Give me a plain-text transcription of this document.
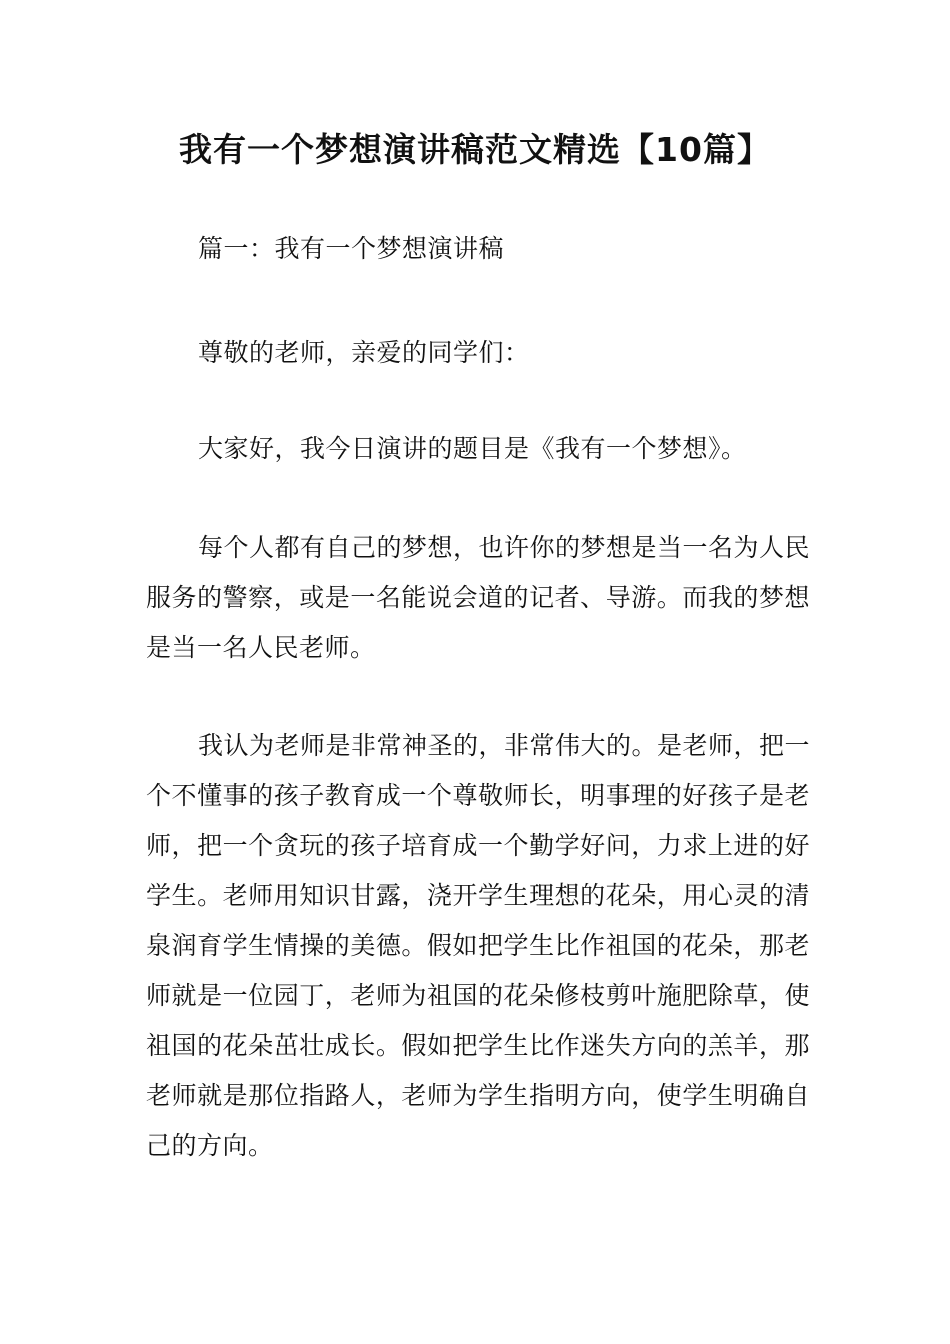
我有一个梦想演讲稿范文精选【10篇】

篇一：我有一个梦想演讲稿

尊敬的老师，亲爱的同学们：

大家好，我今日演讲的题目是《我有一个梦想》。

每个人都有自己的梦想，也许你的梦想是当一名为人民服务的警察，或是一名能说会道的记者、导游。而我的梦想是当一名人民老师。

我认为老师是非常神圣的，非常伟大的。是老师，把一个不懂事的孩子教育成一个尊敬师长，明事理的好孩子是老师，把一个贪玩的孩子培育成一个勤学好问，力求上进的好学生。老师用知识甘露，浇开学生理想的花朵，用心灵的清泉润育学生情操的美德。假如把学生比作祖国的花朵，那老师就是一位园丁，老师为祖国的花朵修枝剪叶施肥除草，使祖国的花朵茁壮成长。假如把学生比作迷失方向的羔羊，那老师就是那位指路人，老师为学生指明方向，使学生明确自己的方向。
